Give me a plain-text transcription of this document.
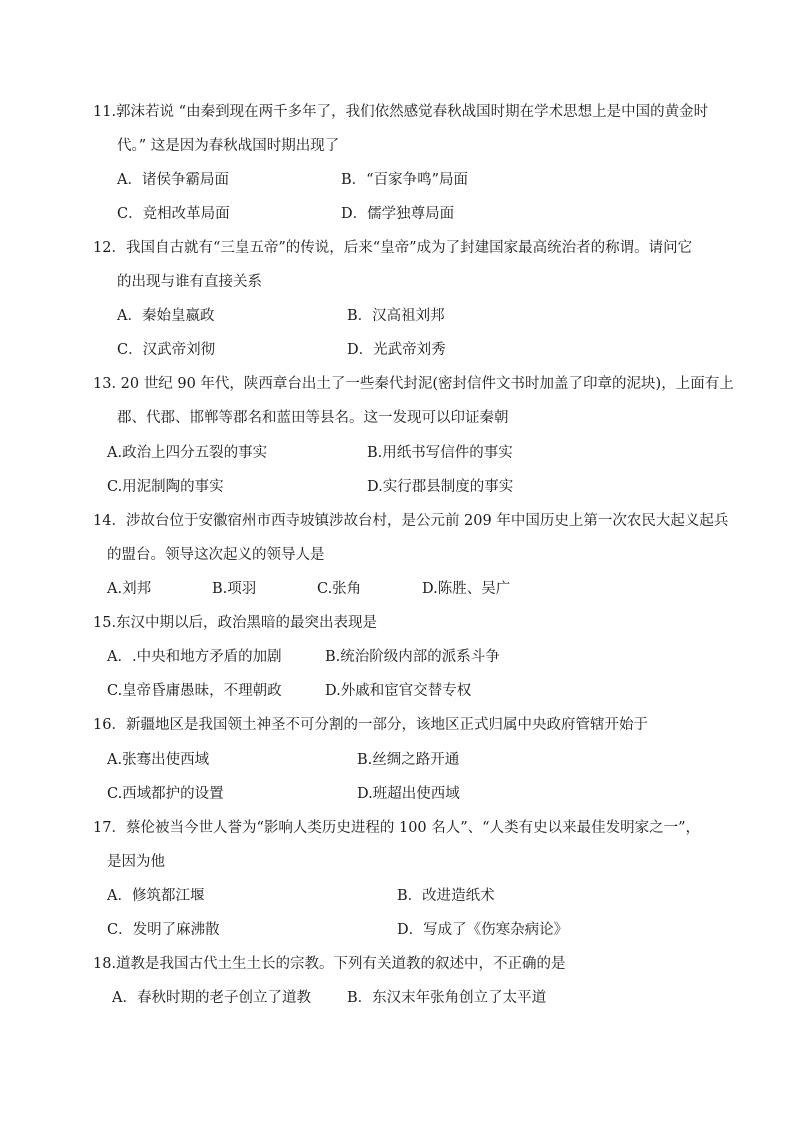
11.郭沫若说 “由秦到现在两千多年了，我们依然感觉春秋战国时期在学术思想上是中国的黄金时
代。” 这是因为春秋战国时期出现了
A．诸侯争霸局面	B．“百家争鸣”局面
C．竞相改革局面	D．儒学独尊局面
12．我国自古就有“三皇五帝”的传说，后来“皇帝”成为了封建国家最高统治者的称谓。请问它
的出现与谁有直接关系
A．秦始皇嬴政	B．汉高祖刘邦
C．汉武帝刘彻	D．光武帝刘秀
13. 20 世纪 90 年代，陕西章台出土了一些秦代封泥(密封信件文书时加盖了印章的泥块)，上面有上
郡、代郡、邯郸等郡名和蓝田等县名。这一发现可以印证秦朝
A.政治上四分五裂的事实	B.用纸书写信件的事实
C.用泥制陶的事实	D.实行郡县制度的事实
14．涉故台位于安徽宿州市西寺坡镇涉故台村，是公元前 209 年中国历史上第一次农民大起义起兵
的盟台。领导这次起义的领导人是
A.刘邦	B.项羽	C.张角	D.陈胜、吴广
15.东汉中期以后，政治黑暗的最突出表现是
A．.中央和地方矛盾的加剧	B.统治阶级内部的派系斗争
C.皇帝昏庸愚昧，不理朝政	D.外戚和宦官交替专权
16．新疆地区是我国领土神圣不可分割的一部分，该地区正式归属中央政府管辖开始于
A.张骞出使西域	B.丝绸之路开通
C.西域都护的设置	D.班超出使西域
17．蔡伦被当今世人誉为“影响人类历史进程的 100 名人”、“人类有史以来最佳发明家之一”，
是因为他
A．修筑都江堰	B．改进造纸术
C．发明了麻沸散	D．写成了《伤寒杂病论》
18.道教是我国古代土生土长的宗教。下列有关道教的叙述中，不正确的是
A．春秋时期的老子创立了道教 B．东汉末年张角创立了太平道
